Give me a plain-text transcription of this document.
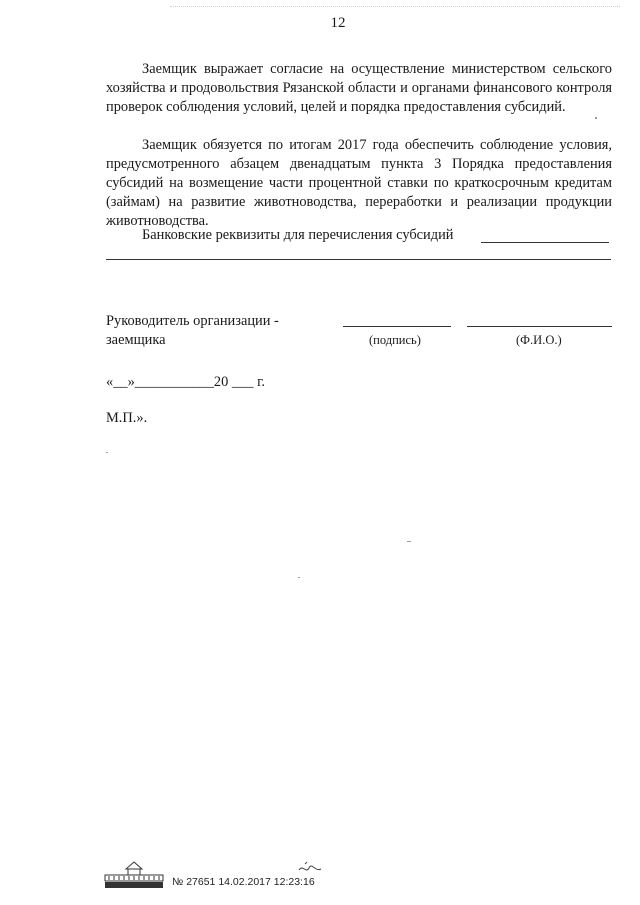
12
Заемщик выражает согласие на осуществление министерством сельского хозяйства и продовольствия Рязанской области и органами финансового контроля проверок соблюдения условий, целей и порядка предоставления субсидий.
Заемщик обязуется по итогам 2017 года обеспечить соблюдение условия, предусмотренного абзацем двенадцатым пункта 3 Порядка предоставления субсидий на возмещение части процентной ставки по краткосрочным кредитам (займам) на развитие животноводства, переработки и реализации продукции животноводства.
Банковские реквизиты для перечисления субсидий
Руководитель организации -
заемщика	(подпись)	(Ф.И.О.)
«__»___________20 ___ г.
М.П.».
№ 27651 14.02.2017 12:23:16
